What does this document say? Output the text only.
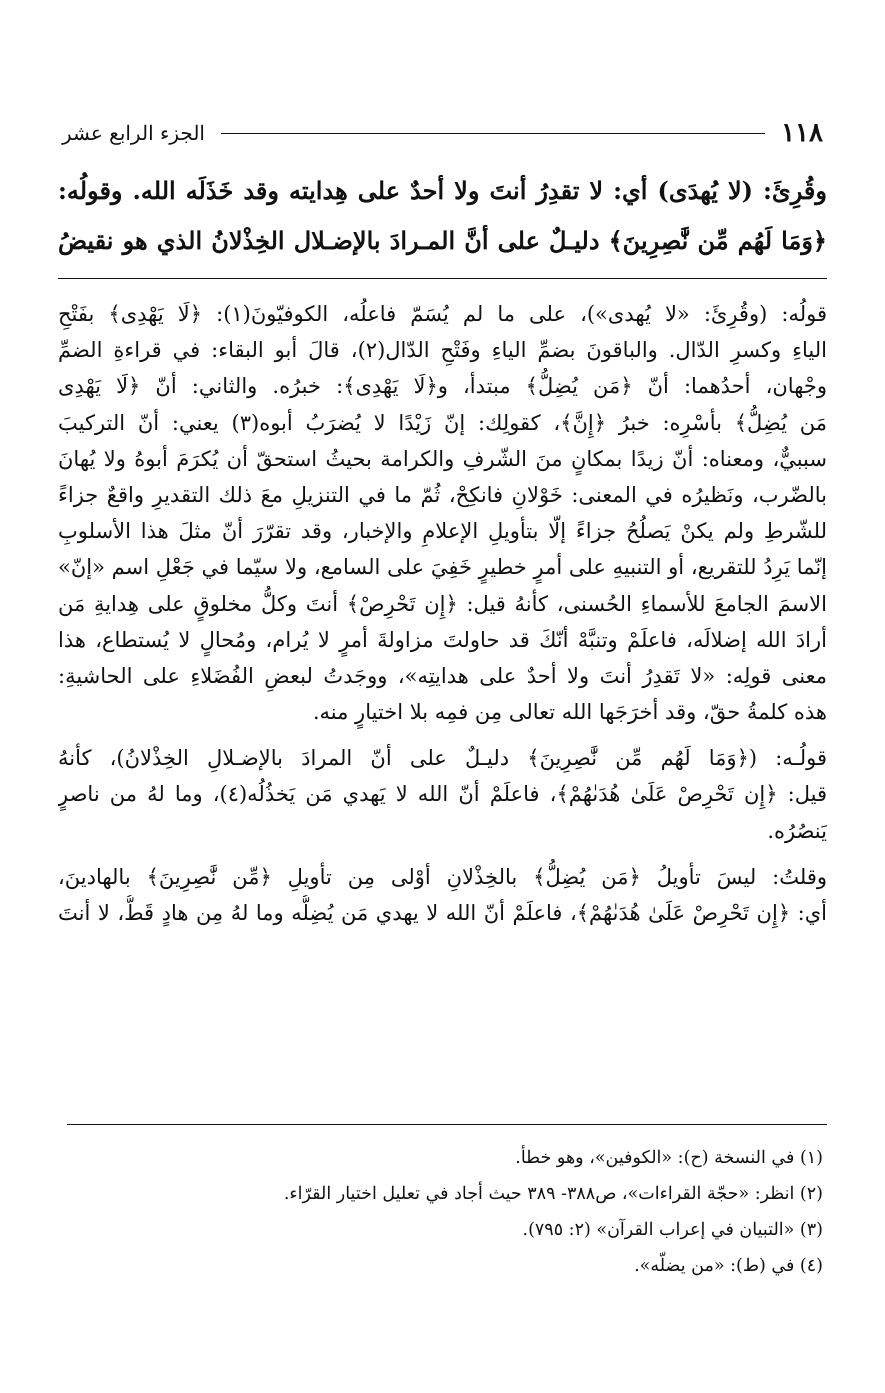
١١٨
الجزء الرابع عشر
وقُرِئَ: (لا يُهدَى) أي: لا تقدِرُ أنتَ ولا أحدٌ على هِدايته وقد خَذَلَه الله. وقولُه:
﴿وَمَا لَهُم مِّن نَّٰصِرِينَ﴾ دليـلٌ على أنَّ المـرادَ بالإضـلال الخِذْلانُ الذي هو نقيضُ
قولُه: (وقُرِئَ: «لا يُهدى»)، على ما لم يُسَمّ فاعلُه، الكوفيّونَ(١): ﴿لَا يَهْدِى﴾ بفَتْحِ
الياءِ وكسرِ الدّال. والباقونَ بضمِّ الياءِ وفَتْحِ الدّال(٢)، قالَ أبو البقاء: في قراءةِ الضمِّ
وجْهان، أحدُهما: أنّ ﴿مَن يُضِلُّ﴾ مبتدأ، و﴿لَا يَهْدِى﴾: خبرُه. والثاني: أنّ ﴿لَا يَهْدِى
مَن يُضِلُّ﴾ بأسْرِه: خبرُ ﴿إِنَّ﴾، كقولِك: إنّ زَيْدًا لا يُضرَبُ أبوه(٣) يعني: أنّ التركيبَ
سببيٌّ، ومعناه: أنّ زيدًا بمكانٍ منَ الشّرفِ والكرامة بحيثُ استحقّ أن يُكرَمَ أبوهُ ولا يُهانَ
بالضّرب، ونَظيرُه في المعنى: خَوْلانِ فانكِحْ، ثُمّ ما في التنزيلِ معَ ذلك التقديرِ واقعٌ جزاءً
للشّرطِ ولم يكنْ يَصلُحُ جزاءً إلّا بتأويلِ الإعلامِ والإخبار، وقد تقرّرَ أنّ مثلَ هذا الأسلوبِ
إنّما يَرِدُ للتقريع، أو التنبيهِ على أمرٍ خطيرٍ خَفِيَ على السامع، ولا سيّما في جَعْلِ اسم «إنّ»
الاسمَ الجامعَ للأسماءِ الحُسنى، كأنهُ قيل: ﴿إِن تَحْرِصْ﴾ أنتَ وكلُّ مخلوقٍ على هِدايةِ مَن
أرادَ الله إضلالَه، فاعلَمْ وتنبَّهْ أنّكَ قد حاولتَ مزاولةَ أمرٍ لا يُرام، ومُحالٍ لا يُستطاع، هذا
معنى قولِه: «لا تَقدِرُ أنتَ ولا أحدٌ على هدايتِه»، ووجَدتُ لبعضِ الفُضَلاءِ على الحاشيةِ:
هذه كلمةُ حقّ، وقد أخرَجَها الله تعالى مِن فمِه بلا اختيارٍ منه.
قولُـه: (﴿وَمَا لَهُم مِّن نَّٰصِرِينَ﴾ دليـلٌ على أنّ المرادَ بالإضـلالِ الخِذْلانُ)، كأنهُ
قيل: ﴿إِن تَحْرِصْ عَلَىٰ هُدَىٰهُمْ﴾، فاعلَمْ أنّ الله لا يَهدي مَن يَخذُلُه(٤)، وما لهُ من ناصرٍ
يَنصُرُه.
وقلتُ: ليسَ تأويلُ ﴿مَن يُضِلُّ﴾ بالخِذْلانِ أوْلى مِن تأويلِ ﴿مِّن نَّٰصِرِينَ﴾ بالهادينَ،
أي: ﴿إِن تَحْرِصْ عَلَىٰ هُدَىٰهُمْ﴾، فاعلَمْ أنّ الله لا يهدي مَن يُضِلُّه وما لهُ مِن هادٍ قَطُّ، لا أنتَ
(١) في النسخة (ح): «الكوفين»، وهو خطأ.
(٢) انظر: «حجّة القراءات»، ص٣٨٨- ٣٨٩ حيث أجاد في تعليل اختيار القرّاء.
(٣) «التبيان في إعراب القرآن» (٢: ٧٩٥).
(٤) في (ط): «من يضلّه».
